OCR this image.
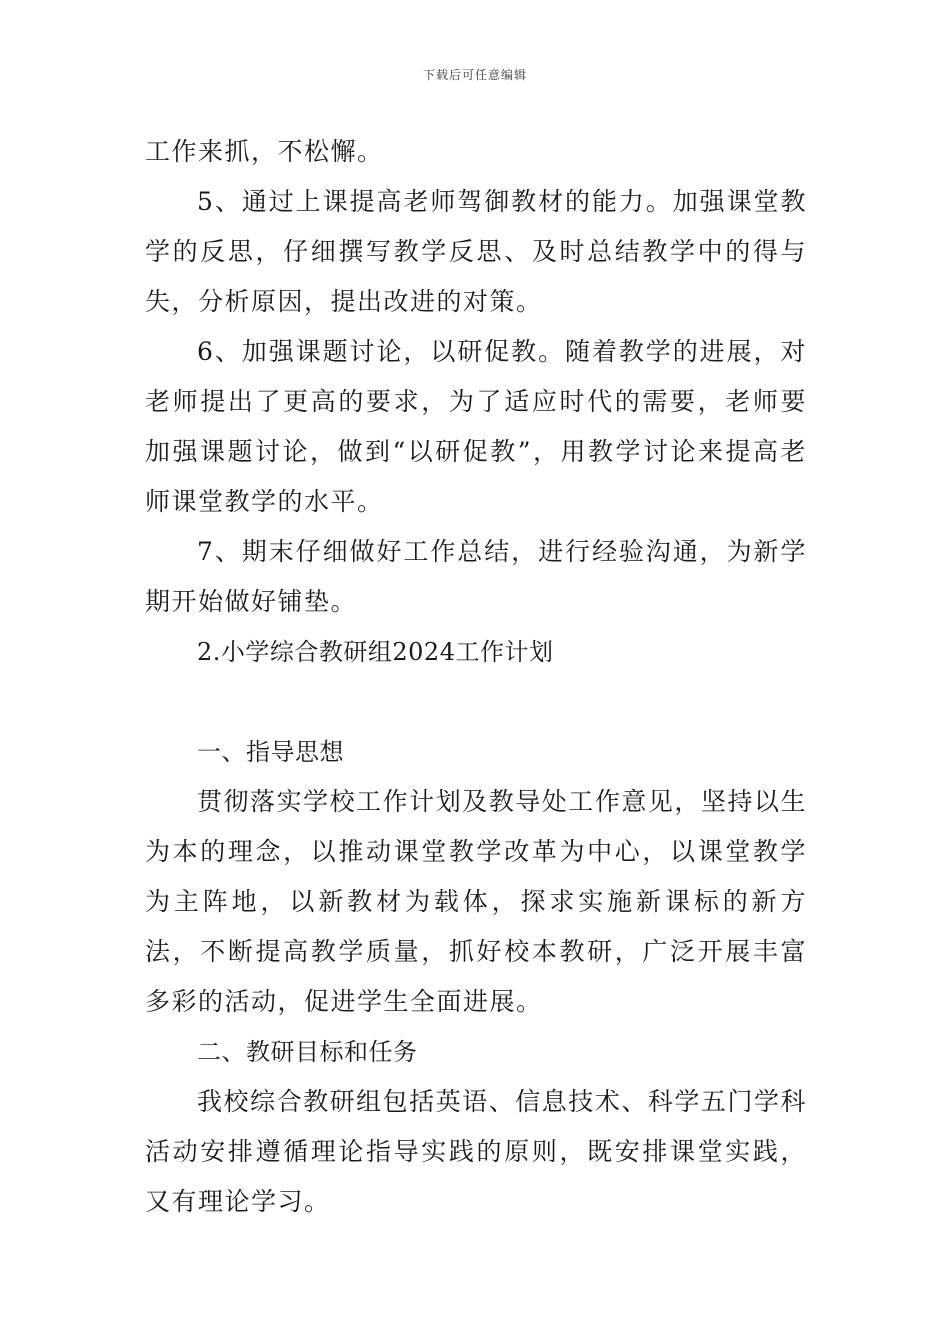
下载后可任意编辑

工作来抓，不松懈。

5、通过上课提高老师驾御教材的能力。加强课堂教学的反思，仔细撰写教学反思、及时总结教学中的得与失，分析原因，提出改进的对策。

6、加强课题讨论，以研促教。随着教学的进展，对老师提出了更高的要求，为了适应时代的需要，老师要加强课题讨论，做到“以研促教”，用教学讨论来提高老师课堂教学的水平。

7、期末仔细做好工作总结，进行经验沟通，为新学期开始做好铺垫。

2.小学综合教研组2024工作计划

一、指导思想

贯彻落实学校工作计划及教导处工作意见，坚持以生为本的理念，以推动课堂教学改革为中心，以课堂教学为主阵地，以新教材为载体，探求实施新课标的新方法，不断提高教学质量，抓好校本教研，广泛开展丰富多彩的活动，促进学生全面进展。

二、教研目标和任务

我校综合教研组包括英语、信息技术、科学五门学科活动安排遵循理论指导实践的原则，既安排课堂实践，又有理论学习。
